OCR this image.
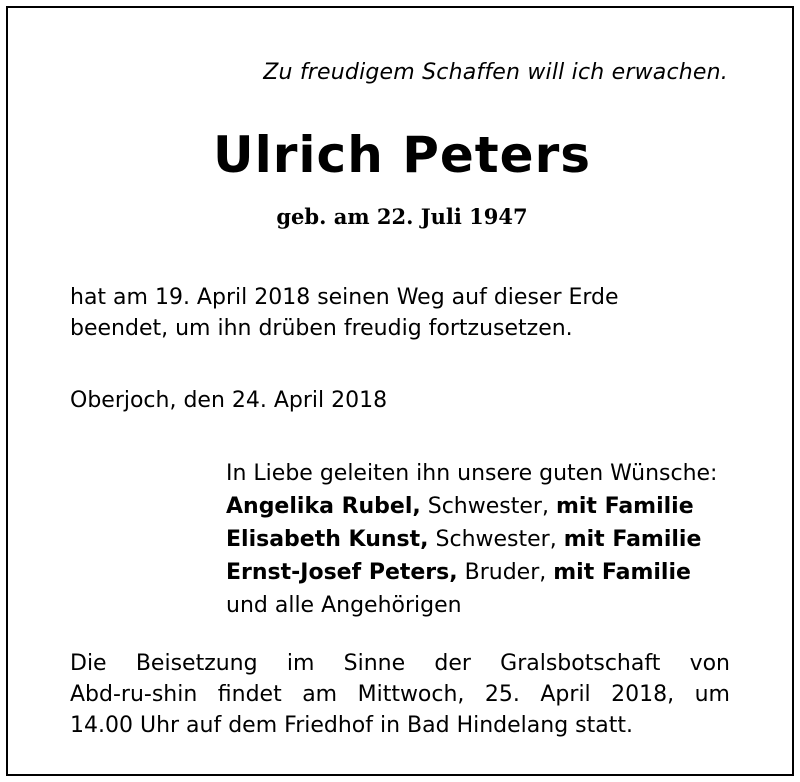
Zu freudigem Schaffen will ich erwachen.
Ulrich Peters
geb. am 22. Juli 1947
hat am 19. April 2018 seinen Weg auf dieser Erde
beendet, um ihn drüben freudig fortzusetzen.
Oberjoch, den 24. April 2018
In Liebe geleiten ihn unsere guten Wünsche:
Angelika Rubel, Schwester, mit Familie
Elisabeth Kunst, Schwester, mit Familie
Ernst-Josef Peters, Bruder, mit Familie
und alle Angehörigen
Die Beisetzung im Sinne der Gralsbotschaft von
Abd-ru-shin findet am Mittwoch, 25. April 2018, um
14.00 Uhr auf dem Friedhof in Bad Hindelang statt.
